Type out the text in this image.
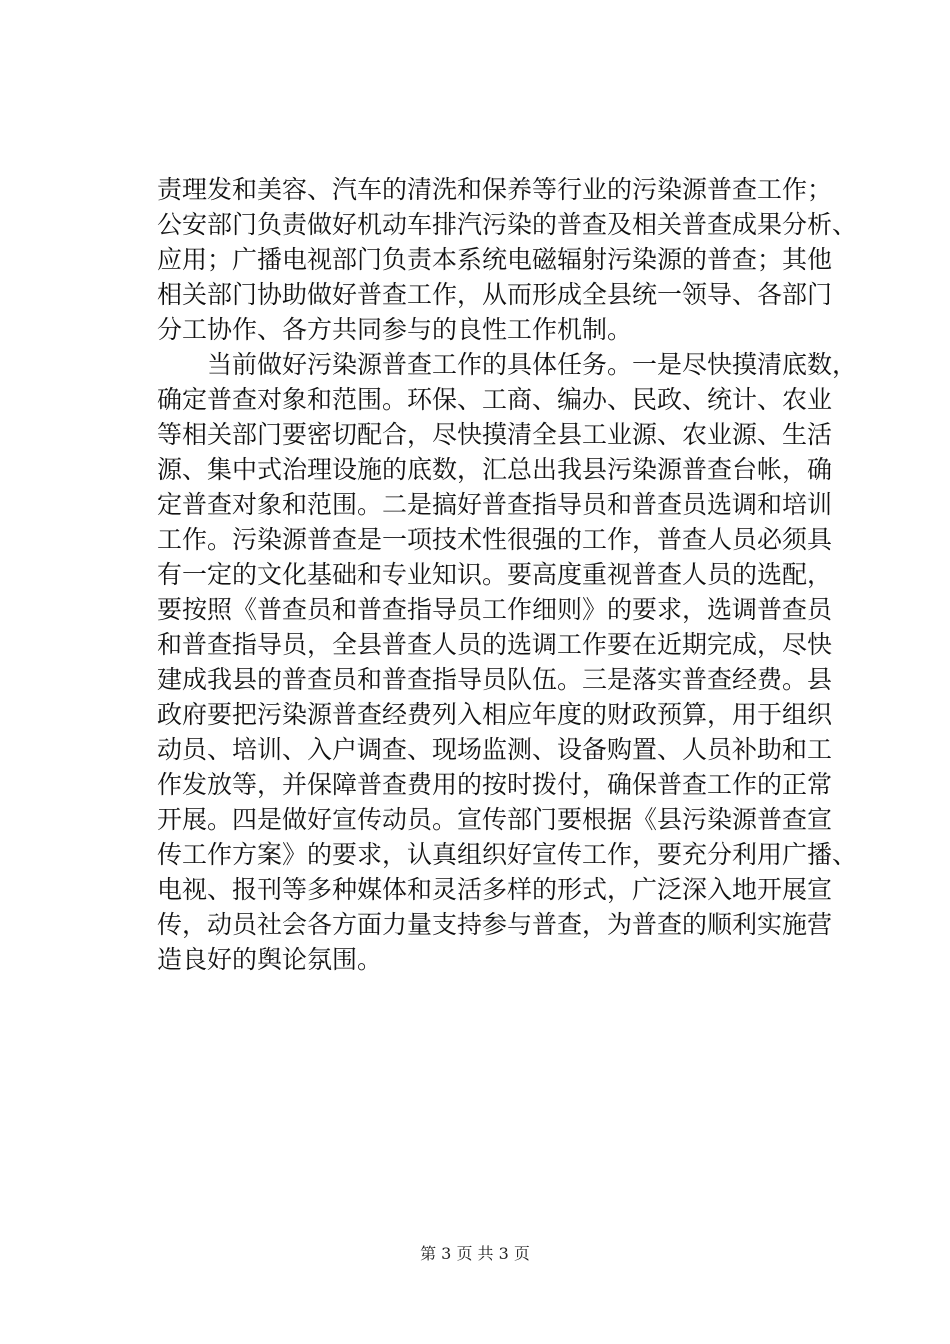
责理发和美容、汽车的清洗和保养等行业的污染源普查工作；
公安部门负责做好机动车排汽污染的普查及相关普查成果分析、
应用；广播电视部门负责本系统电磁辐射污染源的普查；其他
相关部门协助做好普查工作，从而形成全县统一领导、各部门
分工协作、各方共同参与的良性工作机制。
　　当前做好污染源普查工作的具体任务。一是尽快摸清底数，
确定普查对象和范围。环保、工商、编办、民政、统计、农业
等相关部门要密切配合，尽快摸清全县工业源、农业源、生活
源、集中式治理设施的底数，汇总出我县污染源普查台帐，确
定普查对象和范围。二是搞好普查指导员和普查员选调和培训
工作。污染源普查是一项技术性很强的工作，普查人员必须具
有一定的文化基础和专业知识。要高度重视普查人员的选配，
要按照《普查员和普查指导员工作细则》的要求，选调普查员
和普查指导员，全县普查人员的选调工作要在近期完成，尽快
建成我县的普查员和普查指导员队伍。三是落实普查经费。县
政府要把污染源普查经费列入相应年度的财政预算，用于组织
动员、培训、入户调查、现场监测、设备购置、人员补助和工
作发放等，并保障普查费用的按时拨付，确保普查工作的正常
开展。四是做好宣传动员。宣传部门要根据《县污染源普查宣
传工作方案》的要求，认真组织好宣传工作，要充分利用广播、
电视、报刊等多种媒体和灵活多样的形式，广泛深入地开展宣
传，动员社会各方面力量支持参与普查，为普查的顺利实施营
造良好的舆论氛围。
第 3 页 共 3 页
